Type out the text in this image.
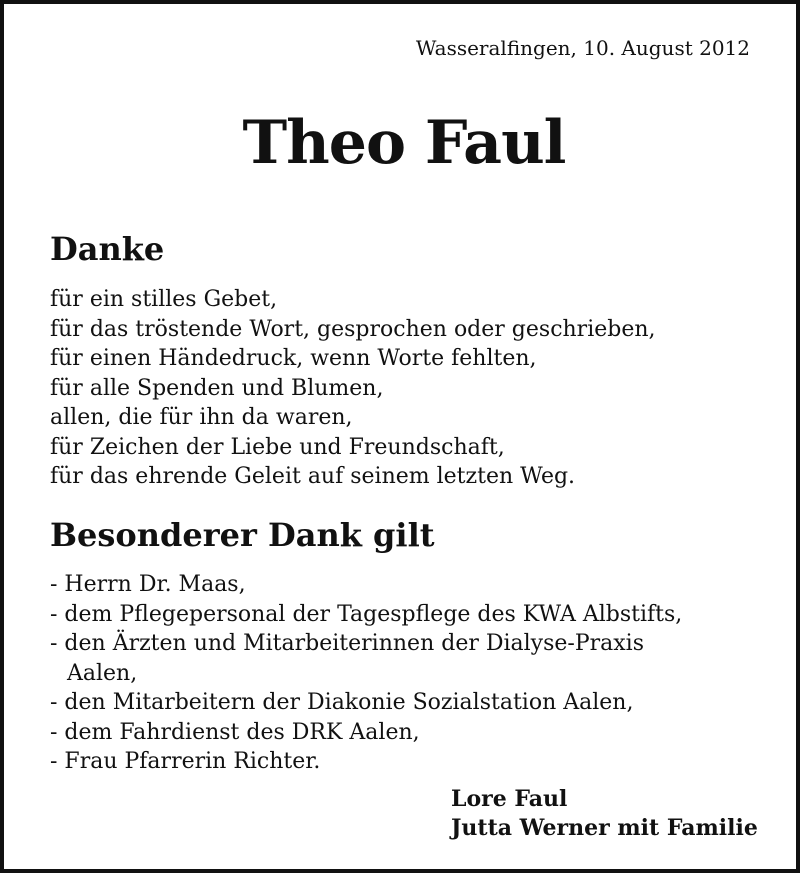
Wasseralfingen, 10. August 2012
Theo Faul
Danke
für ein stilles Gebet,
für das tröstende Wort, gesprochen oder geschrieben,
für einen Händedruck, wenn Worte fehlten,
für alle Spenden und Blumen,
allen, die für ihn da waren,
für Zeichen der Liebe und Freundschaft,
für das ehrende Geleit auf seinem letzten Weg.
Besonderer Dank gilt
- Herrn Dr. Maas,
- dem Pflegepersonal der Tagespflege des KWA Albstifts,
- den Ärzten und Mitarbeiterinnen der Dialyse-Praxis
Aalen,
- den Mitarbeitern der Diakonie Sozialstation Aalen,
- dem Fahrdienst des DRK Aalen,
- Frau Pfarrerin Richter.
Lore Faul
Jutta Werner mit Familie
